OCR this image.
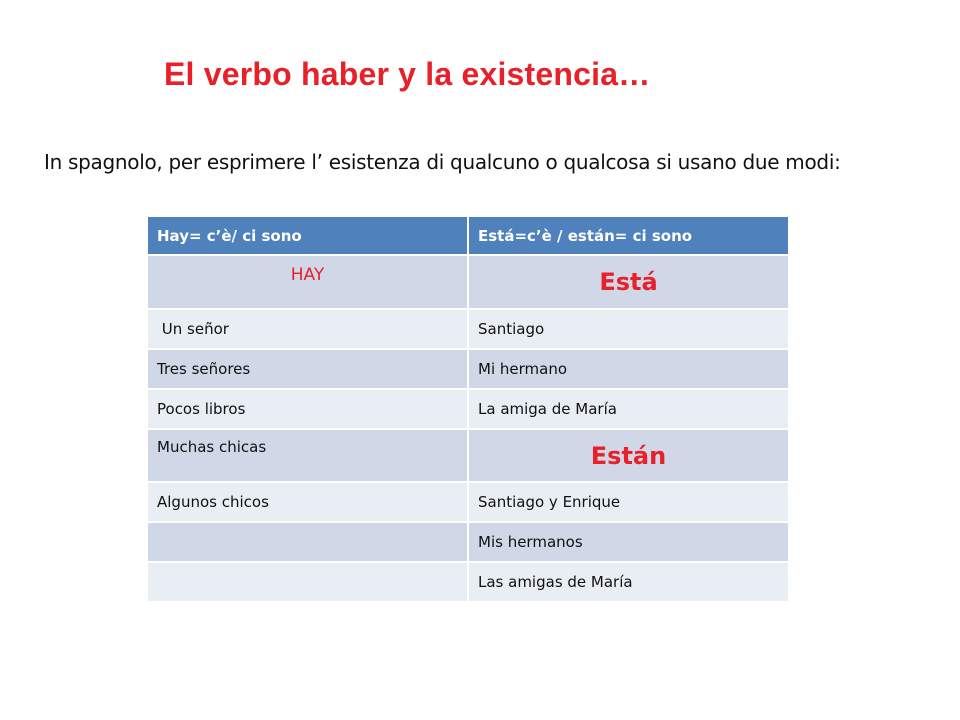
El verbo haber y la existencia…

In spagnolo, per esprimere l’ esistenza di qualcuno o qualcosa si usano due modi:

Hay= c’è/ ci sono	Está=c’è / están= ci sono
HAY	Está
Un señor	Santiago
Tres señores	Mi hermano
Pocos libros	La amiga de María
Muchas chicas	Están
Algunos chicos	Santiago y Enrique
	Mis hermanos
	Las amigas de María
